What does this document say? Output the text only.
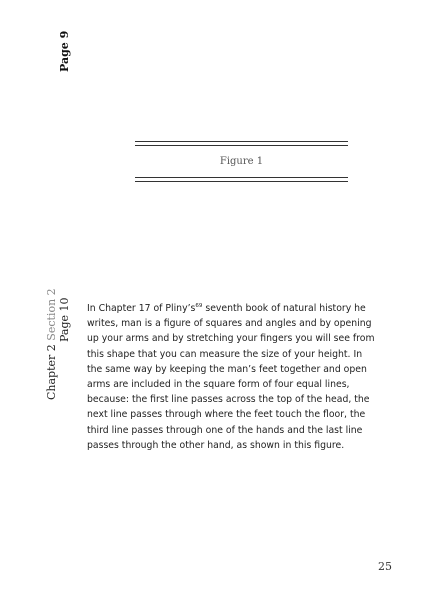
Page 9
Figure 1
Chapter 2 Section 2 Page 10 In Chapter 17 of $Pliny’s^{69}$ seventh book of natural history he writes, man is a figure of squares and angles and by opening up your arms and by stretching your fingers you will see from this shape that you can measure the size of your height. In the same way by keeping the man’s feet together and open arms are included in the square form of four equal lines, because: the first line passes across the top of the head, the next line passes through where the feet touch the floor, the third line passes through one of the hands and the last line passes through the other hand, as shown in this figure.

25
